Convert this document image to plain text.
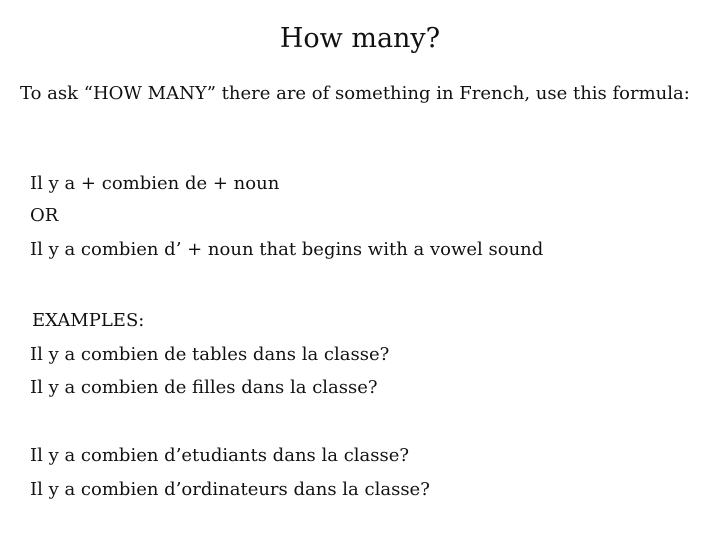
How many?
To ask “HOW MANY” there are of something in French, use this formula:
Il y a + combien de + noun
OR
Il y a combien d’ + noun that begins with a vowel sound
EXAMPLES:
Il y a combien de tables dans la classe?
Il y a combien de filles dans la classe?
Il y a combien d’etudiants dans la classe?
Il y a combien d’ordinateurs dans la classe?
